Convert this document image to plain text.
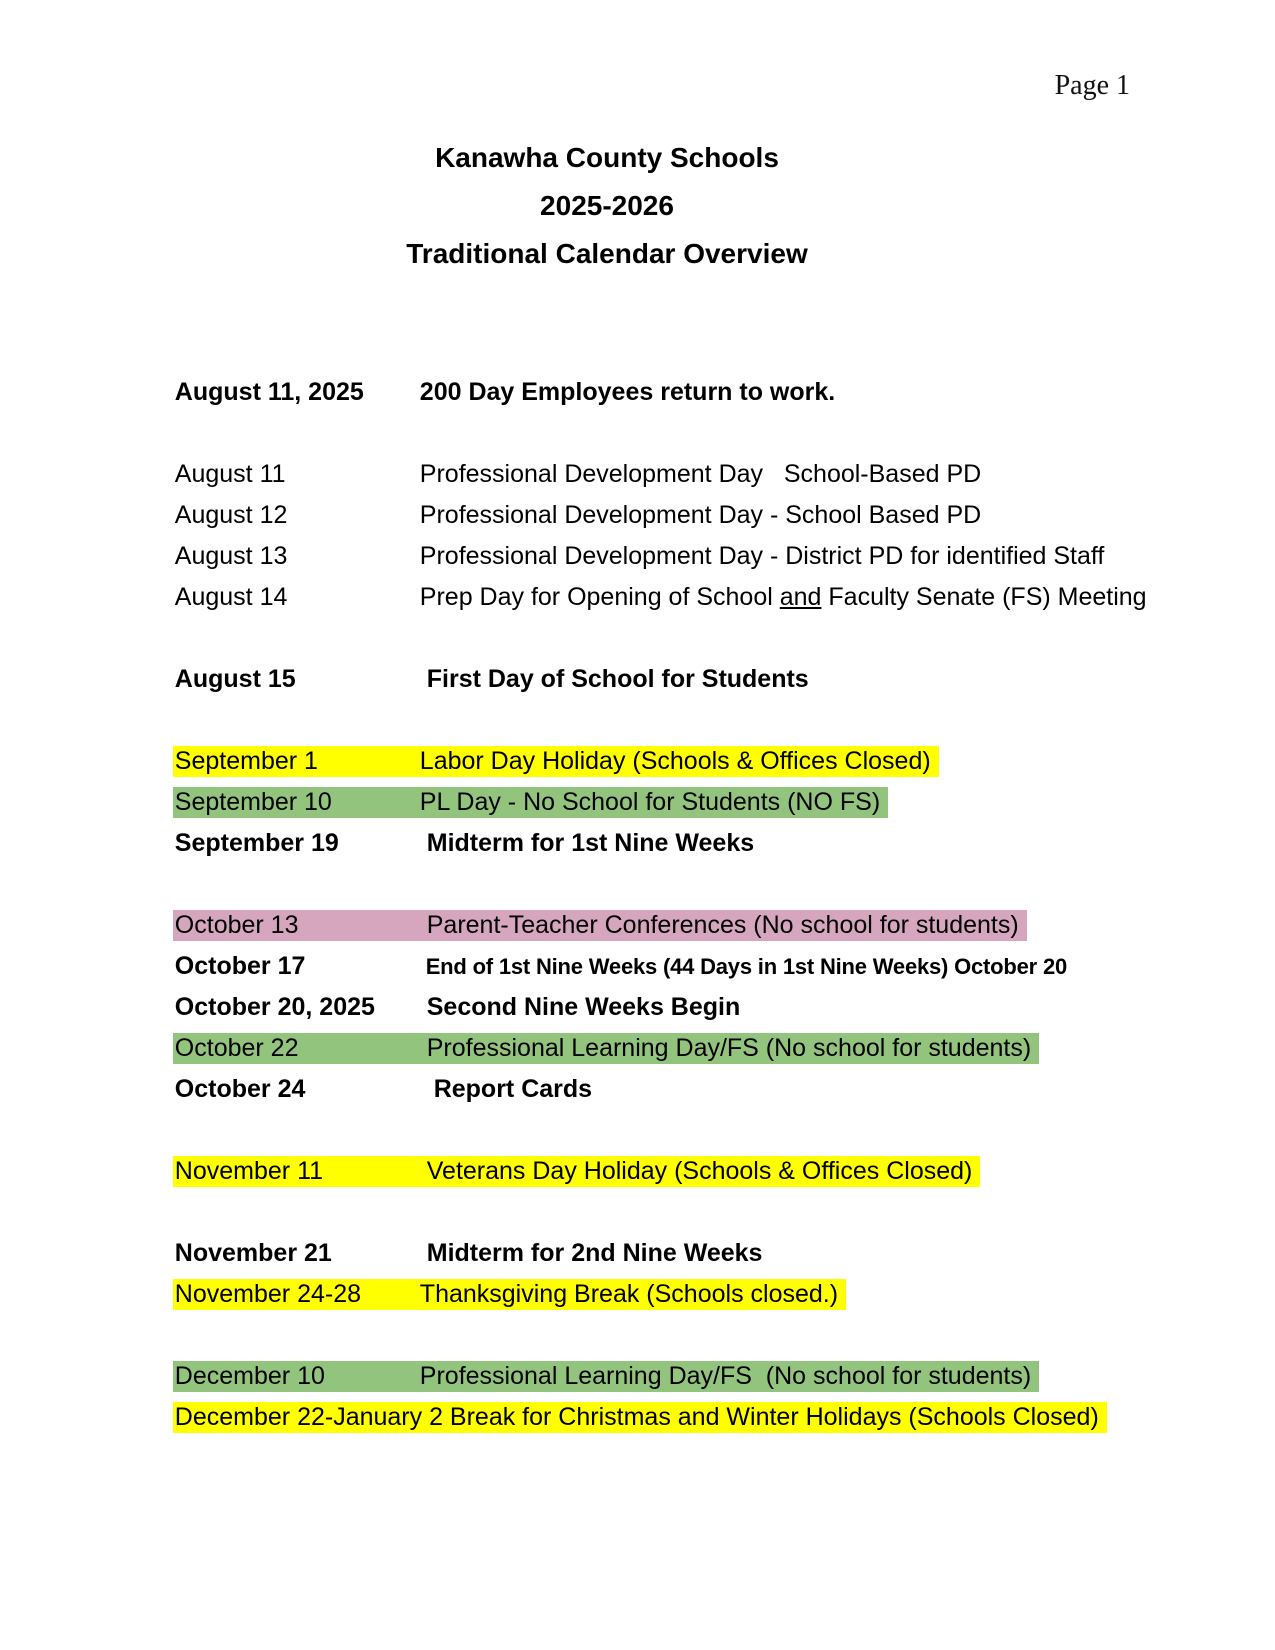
Page 1
Kanawha County Schools
2025-2026
Traditional Calendar Overview

August 11, 2025 200 Day Employees return to work.

August 11	Professional Development Day   School-Based PD

August 12	Professional Development Day - School Based PD

August 13	Professional Development Day - District PD for identified Staff

August 14	Prep Day for Opening of School and Faculty Senate (FS) Meeting

August 15	First Day of School for Students

September 1	Labor Day Holiday (Schools & Offices Closed)

September 10	PL Day - No School for Students (NO FS)

September 19	Midterm for 1st Nine Weeks

October 13	Parent-Teacher Conferences (No school for students)

October 17	End of 1st Nine Weeks (44 Days in 1st Nine Weeks) October 20

October 20, 2025 Second Nine Weeks Begin

October 22	Professional Learning Day/FS (No school for students)

October 24	Report Cards

November 11	Veterans Day Holiday (Schools & Offices Closed)

November 21	Midterm for 2nd Nine Weeks

November 24-28 Thanksgiving Break (Schools closed.)

December 10	Professional Learning Day/FS  (No school for students)

December 22-January 2 Break for Christmas and Winter Holidays (Schools Closed)
